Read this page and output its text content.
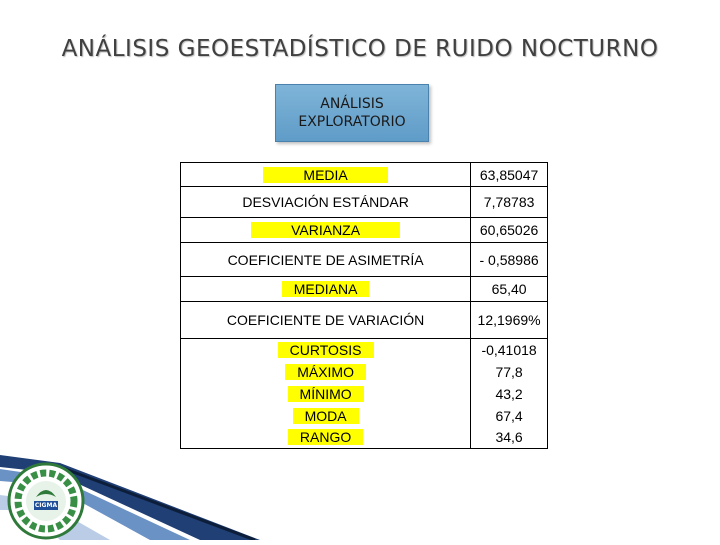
ANÁLISIS GEOESTADÍSTICO DE RUIDO NOCTURNO
ANÁLISIS
EXPLORATORIO
MEDIA	63,85047
DESVIACIÓN ESTÁNDAR	7,78783
VARIANZA	60,65026
COEFICIENTE DE ASIMETRÍA	- 0,58986
MEDIANA	65,40
COEFICIENTE DE VARIACIÓN	12,1969%
CURTOSIS	-0,41018
MÁXIMO	77,8
MÍNIMO	43,2
MODA	67,4
RANGO	34,6
CIGMA
